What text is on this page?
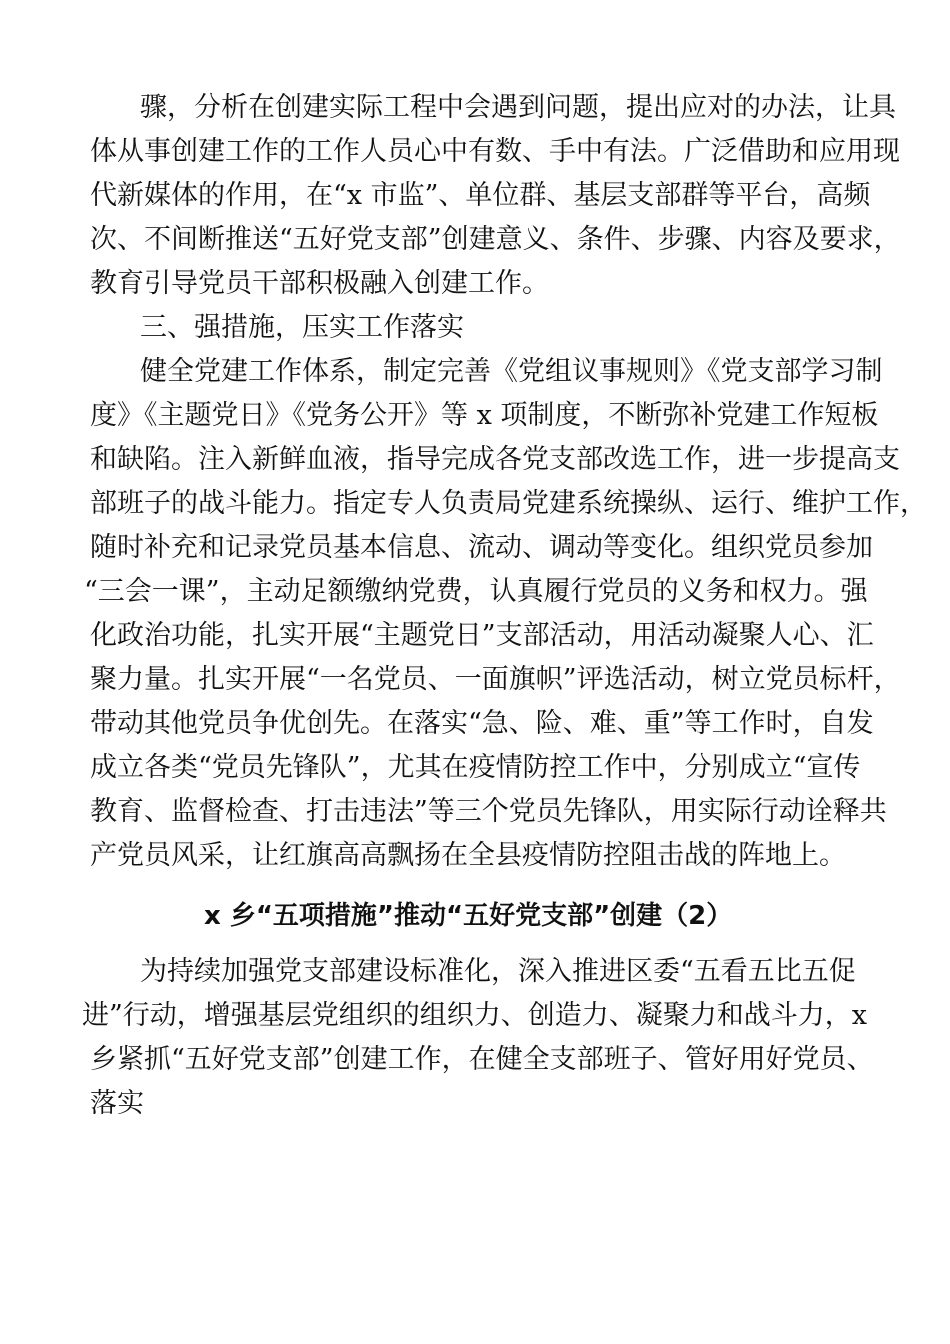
骤，分析在创建实际工程中会遇到问题，提出应对的办法，让具
体从事创建工作的工作人员心中有数、手中有法。广泛借助和应用现
代新媒体的作用，在“x 市监”、单位群、基层支部群等平台，高频
次、不间断推送“五好党支部”创建意义、条件、步骤、内容及要求，
教育引导党员干部积极融入创建工作。
三、强措施，压实工作落实
健全党建工作体系，制定完善《党组议事规则》《党支部学习制
度》《主题党日》《党务公开》等 x 项制度，不断弥补党建工作短板
和缺陷。注入新鲜血液，指导完成各党支部改选工作，进一步提高支
部班子的战斗能力。指定专人负责局党建系统操纵、运行、维护工作，
随时补充和记录党员基本信息、流动、调动等变化。组织党员参加
“三会一课”，主动足额缴纳党费，认真履行党员的义务和权力。强
化政治功能，扎实开展“主题党日”支部活动，用活动凝聚人心、汇
聚力量。扎实开展“一名党员、一面旗帜”评选活动，树立党员标杆，
带动其他党员争优创先。在落实“急、险、难、重”等工作时，自发
成立各类“党员先锋队”，尤其在疫情防控工作中，分别成立“宣传
教育、监督检查、打击违法”等三个党员先锋队，用实际行动诠释共
产党员风采，让红旗高高飘扬在全县疫情防控阻击战的阵地上。
x 乡“五项措施”推动“五好党支部”创建（2）
为持续加强党支部建设标准化，深入推进区委“五看五比五促
进”行动，增强基层党组织的组织力、创造力、凝聚力和战斗力，x
乡紧抓“五好党支部”创建工作，在健全支部班子、管好用好党员、
落实
